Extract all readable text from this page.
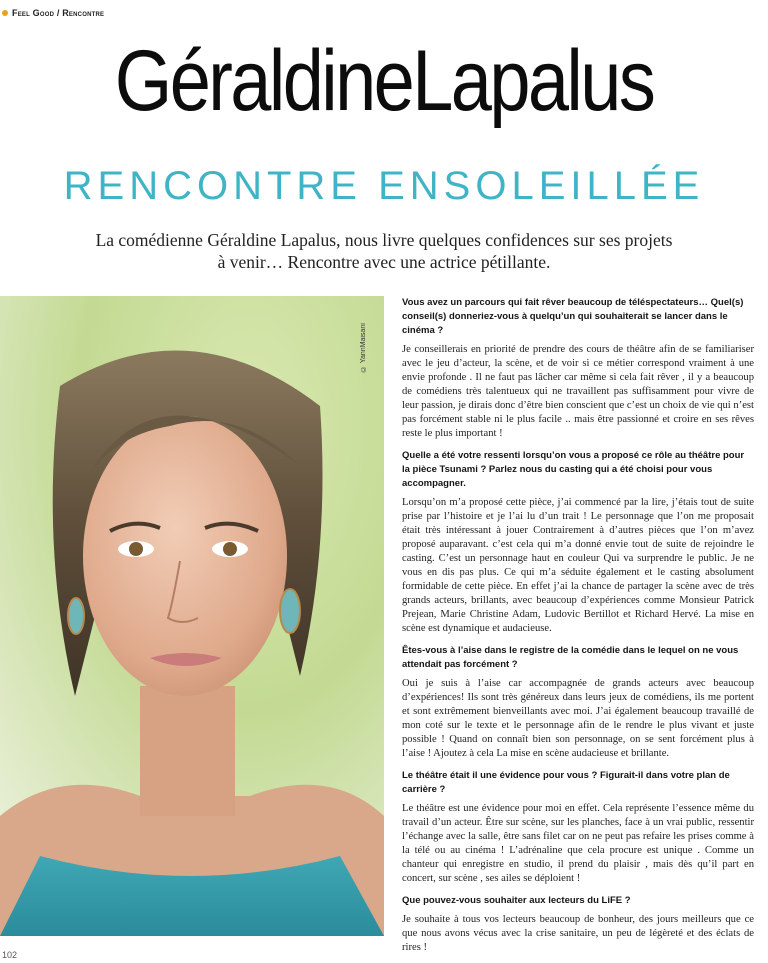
Feel Good / Rencontre
GéraldineLapalus
RENCONTRE ENSOLEILLÉE
La comédienne Géraldine Lapalus, nous livre quelques confidences sur ses projets à venir… Rencontre avec une actrice pétillante.
© YannMaisani

Vous avez un parcours qui fait rêver beaucoup de téléspectateurs… Quel(s) conseil(s) donneriez-vous à quelqu’un qui souhaiterait se lancer dans le cinéma ?

Je conseillerais en priorité de prendre des cours de théâtre afin de se familiariser avec le jeu d’acteur, la scène, et de voir si ce métier correspond vraiment à une envie profonde . Il ne faut pas lâcher car même si cela fait rêver , il y a beaucoup de comédiens très talentueux qui ne travaillent pas suffisamment pour vivre de leur passion, je dirais donc d’être bien conscient que c’est un choix de vie qui n’est pas forcément stable ni le plus facile .. mais être passionné et croire en ses rêves reste le plus important !

Quelle a été votre ressenti lorsqu’on vous a proposé ce rôle au théâtre pour la pièce Tsunami ? Parlez nous du casting qui a été choisi pour vous accompagner.

Lorsqu’on m’a proposé cette pièce, j’ai commencé par la lire, j’étais tout de suite prise par l’histoire et je l’ai lu d’un trait ! Le personnage que l’on me proposait était très intéressant à jouer Contrairement à d’autres pièces que l’on m’avez proposé auparavant. c’est cela qui m’a donné envie tout de suite de rejoindre le casting. C’est un personnage haut en couleur Qui va surprendre le public. Je ne vous en dis pas plus. Ce qui m’a séduite également et le casting absolument formidable de cette pièce. En effet j’ai la chance de partager la scène avec de très grands acteurs, brillants, avec beaucoup d’expériences comme Monsieur Patrick Prejean, Marie Christine Adam, Ludovic Bertillot et Richard Hervé. La mise en scène est dynamique et audacieuse.

Êtes-vous à l’aise dans le registre de la comédie dans le lequel on ne vous attendait pas forcément ?

Oui je suis à l’aise car accompagnée de grands acteurs avec beaucoup d’expériences! Ils sont très généreux dans leurs jeux de comédiens, ils me portent et sont extrêmement bienveillants avec moi. J’ai également beaucoup travaillé de mon coté sur le texte et le personnage afin de le rendre le plus vivant et juste possible ! Quand on connaît bien son personnage, on se sent forcément plus à l’aise ! Ajoutez à cela La mise en scène audacieuse et brillante.

Le théâtre était il une évidence pour vous ? Figurait-il dans votre plan de carrière ?

Le théâtre est une évidence pour moi en effet. Cela représente l’essence même du travail d’un acteur. Être sur scène, sur les planches, face à un vrai public, ressentir l’échange avec la salle, être sans filet car on ne peut pas refaire les prises comme à la télé ou au cinéma ! L’adrénaline que cela procure est unique . Comme un chanteur qui enregistre en studio, il prend du plaisir , mais dès qu’il part en concert, sur scène , ses ailes se déploient !

Que pouvez-vous souhaiter aux lecteurs du LiFE ?

Je souhaite à tous vos lecteurs beaucoup de bonheur, des jours meilleurs que ce que nous avons vécus avec la crise sanitaire, un peu de légèreté et des éclats de rires !

102
